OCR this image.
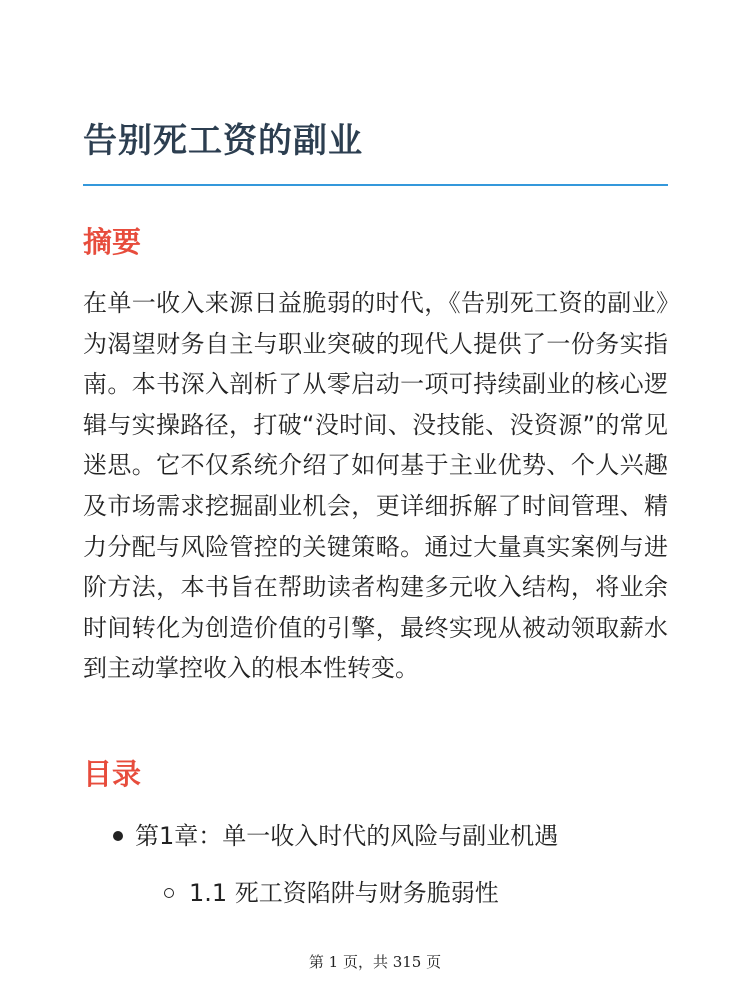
告别死工资的副业
摘要

在单一收入来源日益脆弱的时代，《告别死工资的副业》为渴望财务自主与职业突破的现代人提供了一份务实指南。本书深入剖析了从零启动一项可持续副业的核心逻辑与实操路径，打破“没时间、没技能、没资源”的常见迷思。它不仅系统介绍了如何基于主业优势、个人兴趣及市场需求挖掘副业机会，更详细拆解了时间管理、精力分配与风险管控的关键策略。通过大量真实案例与进阶方法，本书旨在帮助读者构建多元收入结构，将业余时间转化为创造价值的引擎，最终实现从被动领取薪水到主动掌控收入的根本性转变。

目录
第1章：单一收入时代的风险与副业机遇
1.1 死工资陷阱与财务脆弱性
第 1 页，共 315 页
